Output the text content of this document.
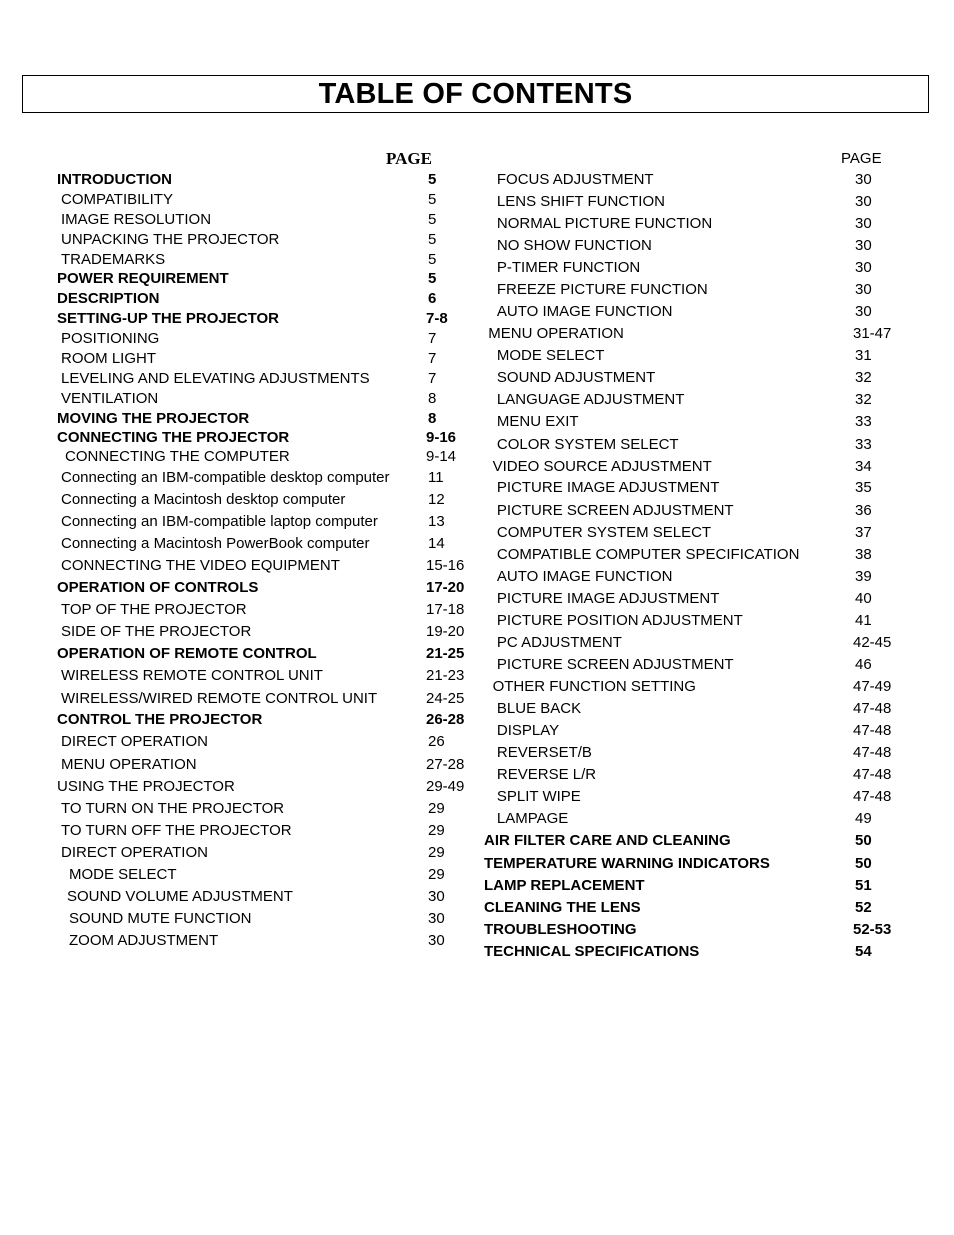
TABLE OF CONTENTS
PAGE	PAGE
INTRODUCTION	5
COMPATIBILITY	5
IMAGE RESOLUTION	5
UNPACKING THE PROJECTOR	5
TRADEMARKS	5
POWER REQUIREMENT	5
DESCRIPTION	6
SETTING-UP THE PROJECTOR	7-8
POSITIONING	7
ROOM LIGHT	7
LEVELING AND ELEVATING ADJUSTMENTS	7
VENTILATION	8
MOVING THE PROJECTOR	8
CONNECTING THE PROJECTOR	9-16
CONNECTING THE COMPUTER	9-14
Connecting an IBM-compatible desktop computer	11
Connecting a Macintosh desktop computer	12
Connecting an IBM-compatible laptop computer	13
Connecting a Macintosh PowerBook computer	14
CONNECTING THE VIDEO EQUIPMENT	15-16
OPERATION OF CONTROLS	17-20
TOP OF THE PROJECTOR	17-18
SIDE OF THE PROJECTOR	19-20
OPERATION OF REMOTE CONTROL	21-25
WIRELESS REMOTE CONTROL UNIT	21-23
WIRELESS/WIRED REMOTE CONTROL UNIT	24-25
CONTROL THE PROJECTOR	26-28
DIRECT OPERATION	26
MENU OPERATION	27-28
USING THE PROJECTOR	29-49
TO TURN ON THE PROJECTOR	29
TO TURN OFF THE PROJECTOR	29
DIRECT OPERATION	29
MODE SELECT	29
SOUND VOLUME ADJUSTMENT	30
SOUND MUTE FUNCTION	30
ZOOM ADJUSTMENT	30
FOCUS ADJUSTMENT	30
LENS SHIFT FUNCTION	30
NORMAL PICTURE FUNCTION	30
NO SHOW FUNCTION	30
P-TIMER FUNCTION	30
FREEZE PICTURE FUNCTION	30
AUTO IMAGE FUNCTION	30
MENU OPERATION	31-47
MODE SELECT	31
SOUND ADJUSTMENT	32
LANGUAGE ADJUSTMENT	32
MENU EXIT	33
COLOR SYSTEM SELECT	33
VIDEO SOURCE ADJUSTMENT	34
PICTURE IMAGE ADJUSTMENT	35
PICTURE SCREEN ADJUSTMENT	36
COMPUTER SYSTEM SELECT	37
COMPATIBLE COMPUTER SPECIFICATION	38
AUTO IMAGE FUNCTION	39
PICTURE IMAGE ADJUSTMENT	40
PICTURE POSITION ADJUSTMENT	41
PC ADJUSTMENT	42-45
PICTURE SCREEN ADJUSTMENT	46
OTHER FUNCTION SETTING	47-49
BLUE BACK	47-48
DISPLAY	47-48
REVERSET/B	47-48
REVERSE L/R	47-48
SPLIT WIPE	47-48
LAMPAGE	49
AIR FILTER CARE AND CLEANING	50
TEMPERATURE WARNING INDICATORS	50
LAMP REPLACEMENT	51
CLEANING THE LENS	52
TROUBLESHOOTING	52-53
TECHNICAL SPECIFICATIONS	54
